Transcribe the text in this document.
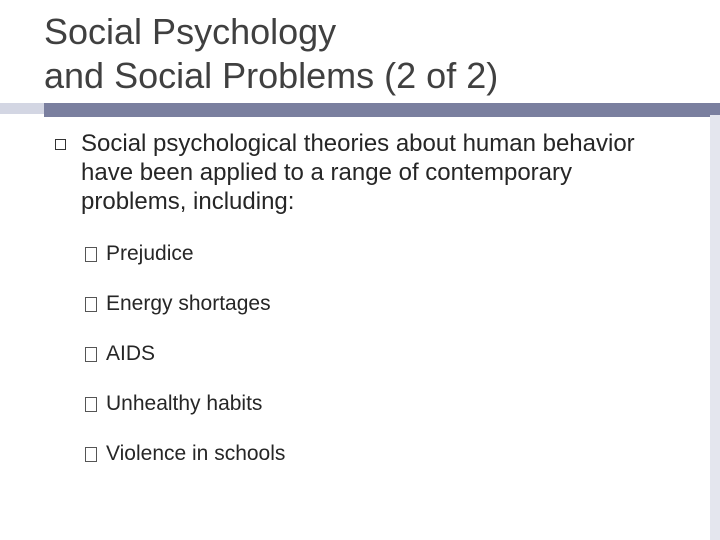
Social Psychology
and Social Problems (2 of 2)
Social psychological theories about human behavior have been applied to a range of contemporary problems, including:
Prejudice
Energy shortages
AIDS
Unhealthy habits
Violence in schools
